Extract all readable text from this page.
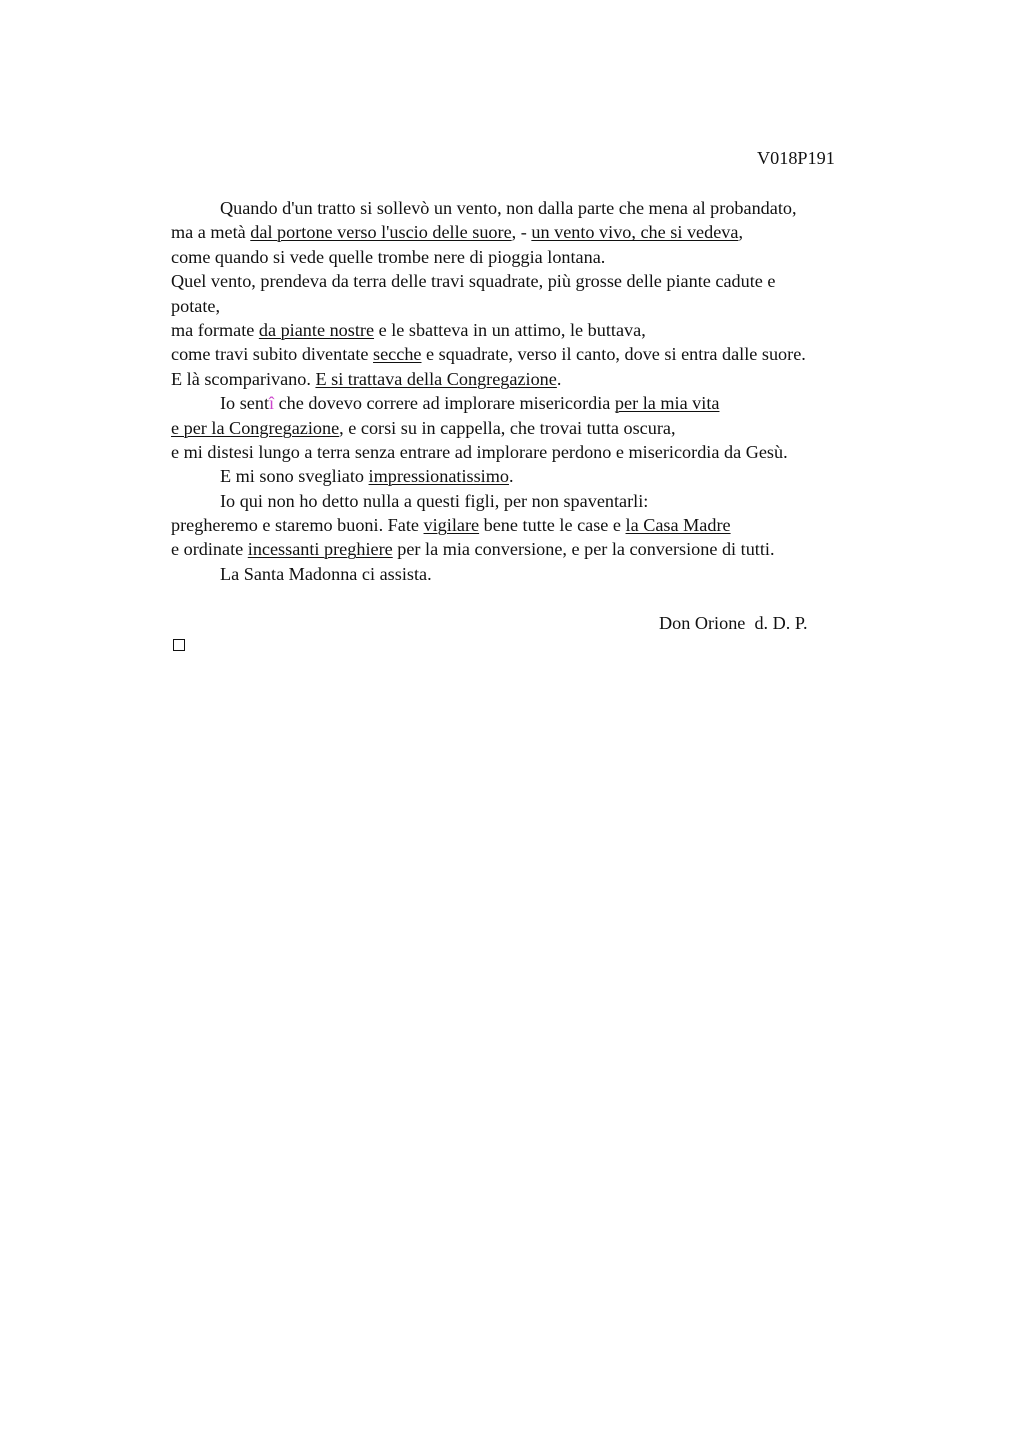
V018P191
Quando d'un tratto si sollevò un vento, non dalla parte che mena al probandato,
ma a metà dal portone verso l'uscio delle suore, - un vento vivo, che si vedeva,
come quando si vede quelle trombe nere di pioggia lontana.
Quel vento, prendeva da terra delle travi squadrate, più grosse delle piante cadute e
potate,
ma formate da piante nostre e le sbatteva in un attimo, le buttava,
come travi subito diventate secche e squadrate, verso il canto, dove si entra dalle suore.
E là scomparivano. E si trattava della Congregazione.
Io sentî che dovevo correre ad implorare misericordia per la mia vita
e per la Congregazione, e corsi su in cappella, che trovai tutta oscura,
e mi distesi lungo a terra senza entrare ad implorare perdono e misericordia da Gesù.
E mi sono svegliato impressionatissimo.
Io qui non ho detto nulla a questi figli, per non spaventarli:
pregheremo e staremo buoni. Fate vigilare bene tutte le case e la Casa Madre
e ordinate incessanti preghiere per la mia conversione, e per la conversione di tutti.
La Santa Madonna ci assista.
Don Orione  d. D. P.
